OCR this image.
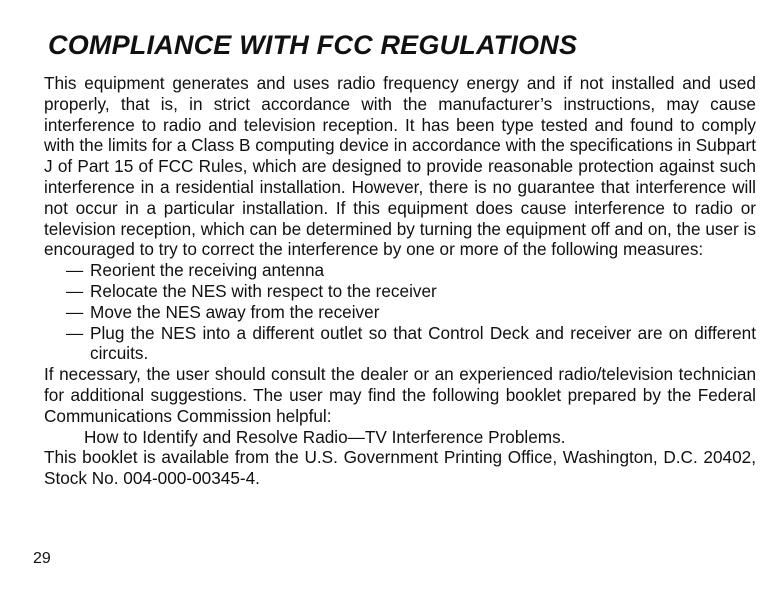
COMPLIANCE WITH FCC REGULATIONS

This equipment generates and uses radio frequency energy and if not installed and used properly, that is, in strict accordance with the manufacturer’s instructions, may cause interference to radio and television reception. It has been type tested and found to comply with the limits for a Class B computing device in accordance with the specifications in Subpart J of Part 15 of FCC Rules, which are designed to provide reasonable protection against such interference in a residential installation. However, there is no guarantee that interference will not occur in a particular installation. If this equipment does cause interference to radio or television reception, which can be determined by turning the equipment off and on, the user is encouraged to try to correct the interference by one or more of the following measures:

— Reorient the receiving antenna
— Relocate the NES with respect to the receiver
— Move the NES away from the receiver
— Plug the NES into a different outlet so that Control Deck and receiver are on different circuits.

If necessary, the user should consult the dealer or an experienced radio/television technician for additional suggestions. The user may find the following booklet prepared by the Federal Communications Commission helpful:

How to Identify and Resolve Radio—TV Interference Problems.

This booklet is available from the U.S. Government Printing Office, Washington, D.C. 20402, Stock No. 004-000-00345-4.

29
